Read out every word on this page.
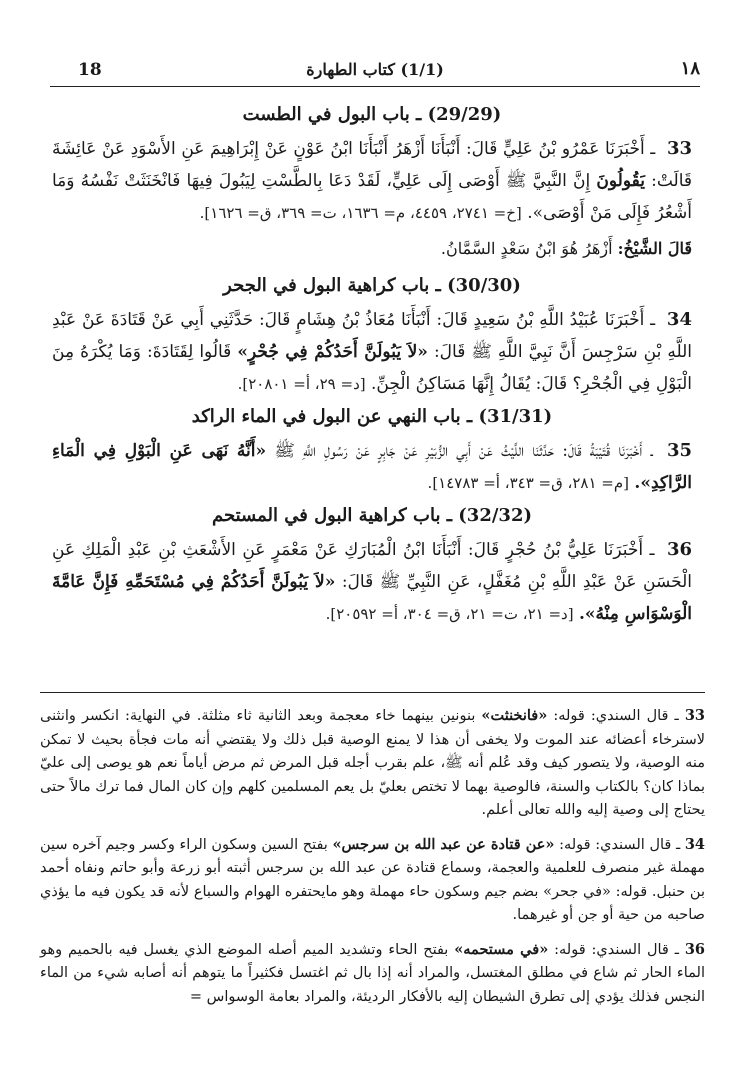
18	(1/1) كتاب الطهارة	١٨
(29/29) ـ باب البول في الطست

33 ـ أَخْبَرَنَا عَمْرُو بْنُ عَلِيٍّ قَالَ: أَنْبَأَنَا أَزْهَرُ أَنْبَأَنَا ابْنُ عَوْنٍ عَنْ إِبْرَاهِيمَ عَنِ الأَسْوَدِ عَنْ عَائِشَةَ قَالَتْ: يَقُولُونَ إِنَّ النَّبِيَّ ﷺ أَوْصَى إِلَى عَلِيٍّ، لَقَدْ دَعَا بِالطَّسْتِ لِيَبُولَ فِيهَا فَانْخَنَثَتْ نَفْسُهُ وَمَا أَشْعُرُ فَإِلَى مَنْ أَوْصَى». [خ= ٢٧٤١، ٤٤٥٩، م= ١٦٣٦، ت= ٣٦٩، ق= ١٦٢٦].

قَالَ الشَّيْخُ: أَزْهَرُ هُوَ ابْنُ سَعْدٍ السَّمَّانُ.

(30/30) ـ باب كراهية البول في الجحر

34 ـ أَخْبَرَنَا عُبَيْدُ اللَّهِ بْنُ سَعِيدٍ قَالَ: أَنْبَأَنَا مُعَاذُ بْنُ هِشَامٍ قَالَ: حَدَّثَنِي أَبِي عَنْ قَتَادَةَ عَنْ عَبْدِ اللَّهِ بْنِ سَرْجِسَ أَنَّ نَبِيَّ اللَّهِ ﷺ قَالَ: «لاَ يَبُولَنَّ أَحَدُكُمْ فِي جُحْرٍ» قَالُوا لِقَتَادَةَ: وَمَا يُكْرَهُ مِنَ الْبَوْلِ فِي الْجُحْرِ؟ قَالَ: يُقَالُ إِنَّهَا مَسَاكِنُ الْجِنِّ. [د= ٢٩، أ= ٢٠٨٠١].

(31/31) ـ باب النهي عن البول في الماء الراكد

35 ـ أَخْبَرَنَا قُتَيْبَةُ قَالَ: حَدَّثَنَا اللَّيْثُ عَنْ أَبِي الزُّبَيْرِ عَنْ جَابِرٍ عَنْ رَسُولِ اللَّهِ ﷺ «أَنَّهُ نَهَى عَنِ الْبَوْلِ فِي الْمَاءِ الرَّاكِدِ». [م= ٢٨١، ق= ٣٤٣، أ= ١٤٧٨٣].

(32/32) ـ باب كراهية البول في المستحم

36 ـ أَخْبَرَنَا عَلِيُّ بْنُ حُجْرٍ قَالَ: أَنْبَأَنَا ابْنُ الْمُبَارَكِ عَنْ مَعْمَرٍ عَنِ الأَشْعَثِ بْنِ عَبْدِ الْمَلِكِ عَنِ الْحَسَنِ عَنْ عَبْدِ اللَّهِ بْنِ مُغَفَّلٍ، عَنِ النَّبِيِّ ﷺ قَالَ: «لاَ يَبُولَنَّ أَحَدُكُمْ فِي مُسْتَحَمِّهِ فَإِنَّ عَامَّةَ الْوَسْوَاسِ مِنْهُ». [د= ٢١، ت= ٢١، ق= ٣٠٤، أ= ٢٠٥٩٢].

33 ـ قال السندي: قوله: «فانخنثت» بنونين بينهما خاء معجمة وبعد الثانية ثاء مثلثة. في النهاية: انكسر وانثنى لاسترخاء أعضائه عند الموت ولا يخفى أن هذا لا يمنع الوصية قبل ذلك ولا يقتضي أنه مات فجأة بحيث لا تمكن منه الوصية، ولا يتصور كيف وقد عُلم أنه ﷺ، علم بقرب أجله قبل المرض ثم مرض أياماً نعم هو يوصى إلى عليّ بماذا كان؟ بالكتاب والسنة، فالوصية بهما لا تختص بعليّ بل يعم المسلمين كلهم وإن كان المال فما ترك مالاً حتى يحتاج إلى وصية إليه والله تعالى أعلم.

34 ـ قال السندي: قوله: «عن قتادة عن عبد الله بن سرجس» بفتح السين وسكون الراء وكسر وجيم آخره سين مهملة غير منصرف للعلمية والعجمة، وسماع قتادة عن عبد الله بن سرجس أثبته أبو زرعة وأبو حاتم ونفاه أحمد بن حنبل. قوله: «في جحر» بضم جيم وسكون حاء مهملة وهو مايحتفره الهوام والسباع لأنه قد يكون فيه ما يؤذي صاحبه من حية أو جن أو غيرهما.

36 ـ قال السندي: قوله: «في مستحمه» بفتح الحاء وتشديد الميم أصله الموضع الذي يغسل فيه بالحميم وهو الماء الحار ثم شاع في مطلق المغتسل، والمراد أنه إذا بال ثم اغتسل فكثيراً ما يتوهم أنه أصابه شيء من الماء النجس فذلك يؤدي إلى تطرق الشيطان إليه بالأفكار الرديئة، والمراد بعامة الوسواس =
